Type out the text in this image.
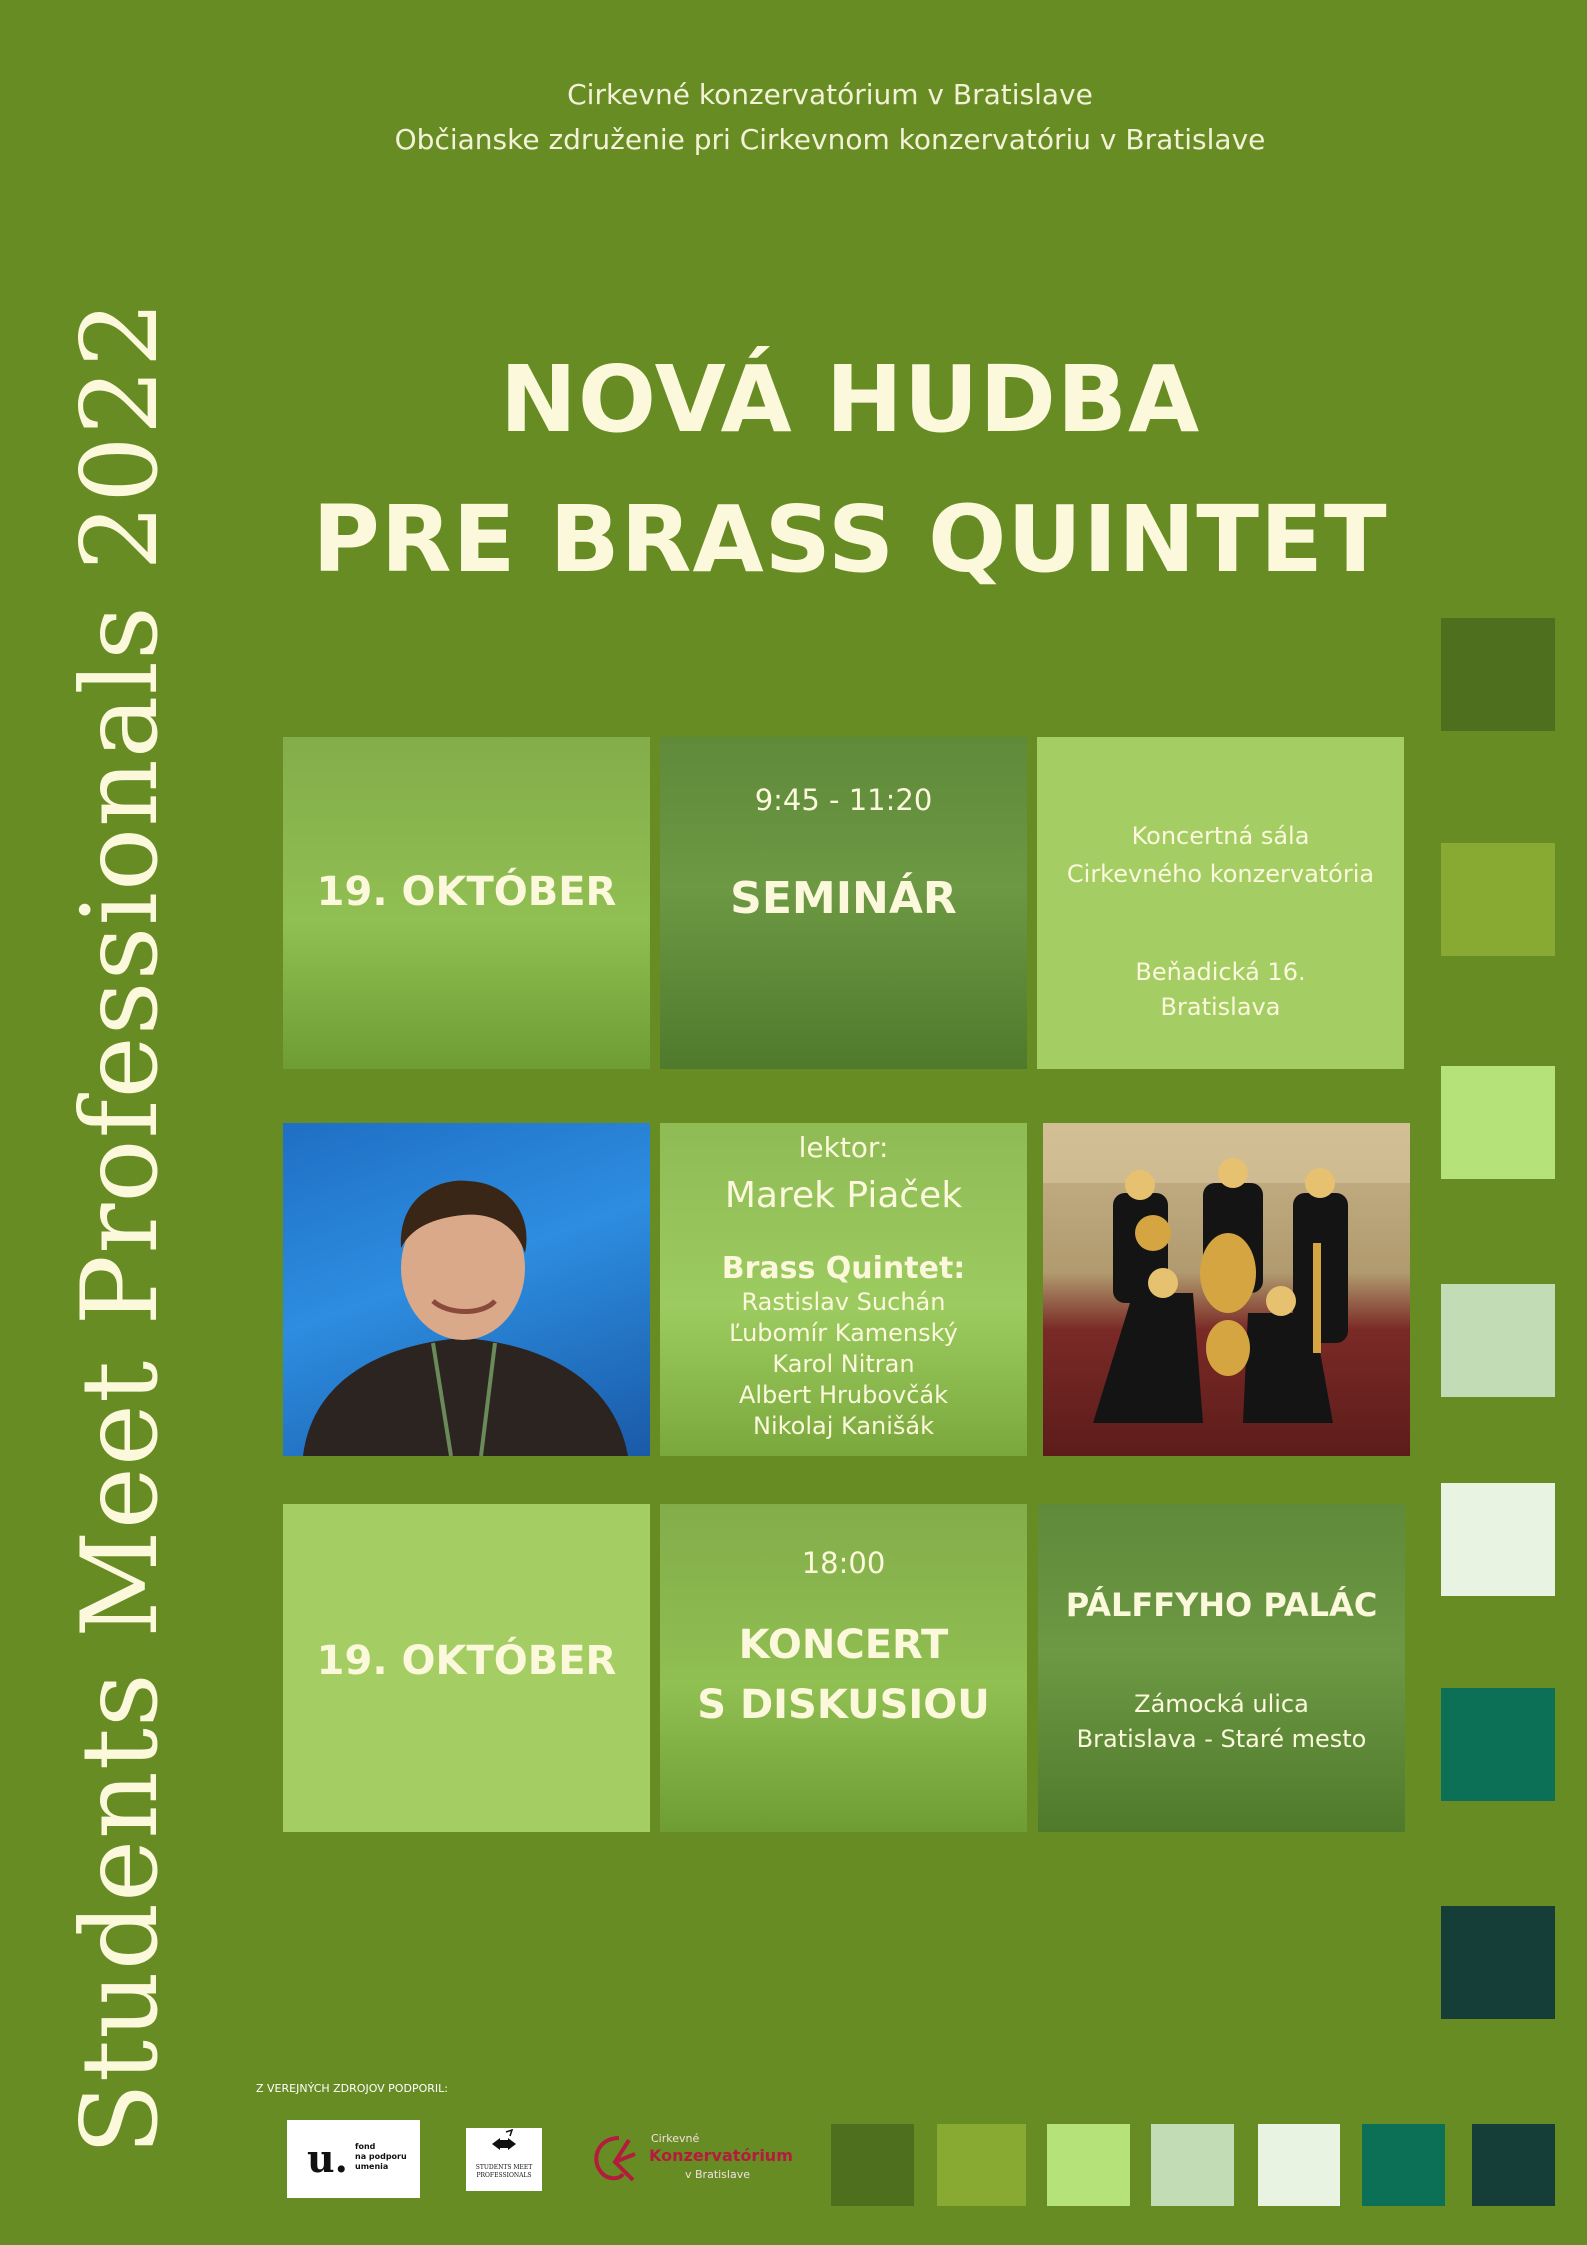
Students Meet Professionals 2022
Cirkevné konzervatórium v Bratislave
Občianske združenie pri Cirkevnom konzervatóriu v Bratislave
NOVÁ HUDBA
PRE BRASS QUINTET
19. OKTÓBER
9:45 - 11:20
SEMINÁR
Koncertná sála
Cirkevného konzervatória
Beňadická 16.
Bratislava
lektor:
Marek Piaček
Brass Quintet:
Rastislav Suchán
Ľubomír Kamenský
Karol Nitran
Albert Hrubovčák
Nikolaj Kanišák
19. OKTÓBER
18:00
KONCERT
S DISKUSIOU
PÁLFFYHO PALÁC
Zámocká ulica
Bratislava - Staré mesto
Z VEREJNÝCH ZDROJOV PODPORIL:
u. fond
na podporu
umenia	STUDENTS MEET
PROFESSIONALS
Cirkevné
Konzervatórium
v Bratislave
